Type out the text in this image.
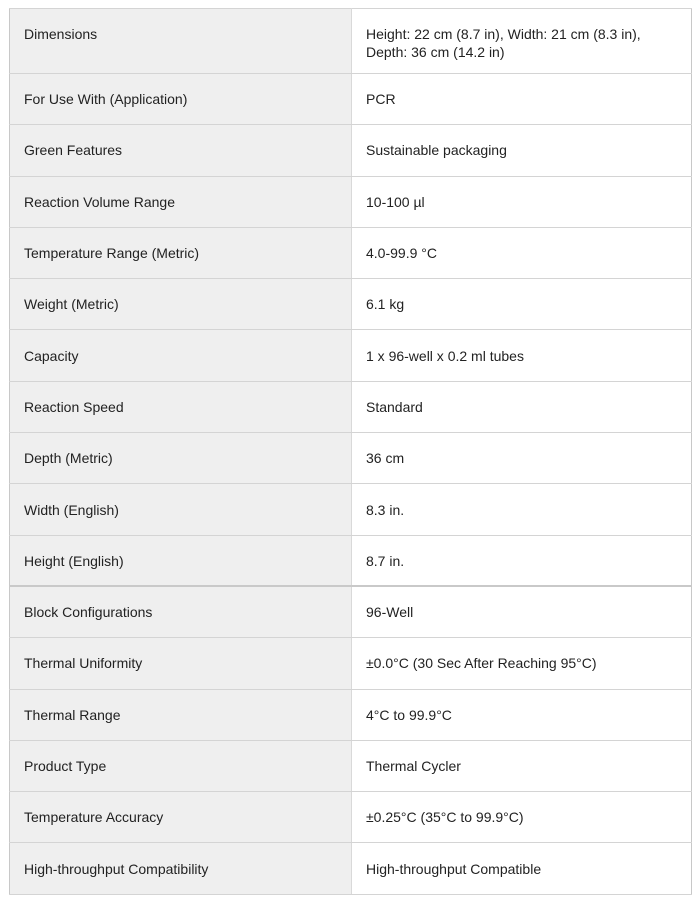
Dimensions	Height: 22 cm (8.7 in), Width: 21 cm (8.3 in), Depth: 36 cm (14.2 in)
For Use With (Application)	PCR
Green Features	Sustainable packaging
Reaction Volume Range	10-100 µl
Temperature Range (Metric)	4.0-99.9 °C
Weight (Metric)	6.1 kg
Capacity	1 x 96-well x 0.2 ml tubes
Reaction Speed	Standard
Depth (Metric)	36 cm
Width (English)	8.3 in.
Height (English)	8.7 in.
Block Configurations	96-Well
Thermal Uniformity	±0.0°C (30 Sec After Reaching 95°C)
Thermal Range	4°C to 99.9°C
Product Type	Thermal Cycler
Temperature Accuracy	±0.25°C (35°C to 99.9°C)
High-throughput Compatibility	High-throughput Compatible
